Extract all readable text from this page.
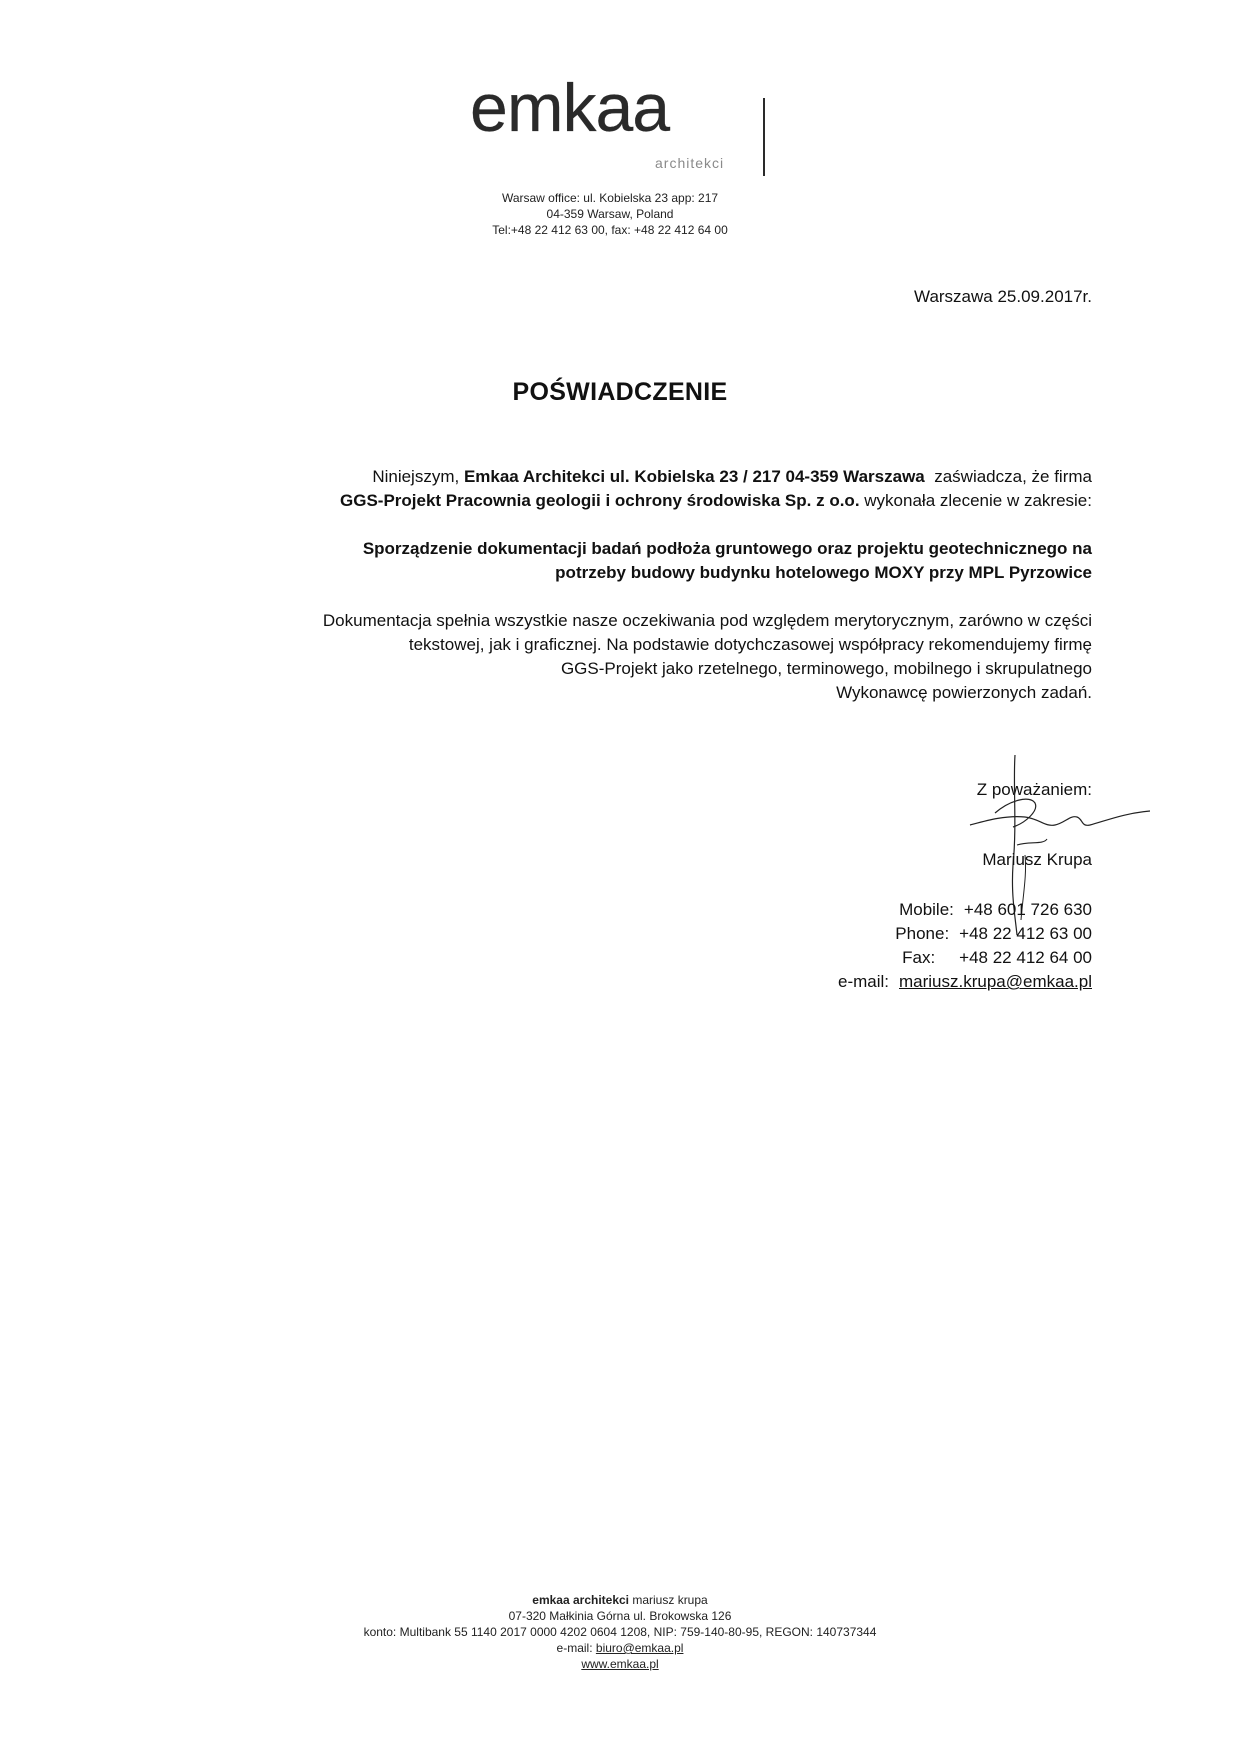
emkaa
architekci
Warsaw office: ul. Kobielska 23 app: 217
04-359 Warsaw, Poland
Tel:+48 22 412 63 00, fax: +48 22 412 64 00
Warszawa 25.09.2017r.
POŚWIADCZENIE
Niniejszym, Emkaa Architekci ul. Kobielska 23 / 217 04-359 Warszawa  zaświadcza, że firma
GGS-Projekt Pracownia geologii i ochrony środowiska Sp. z o.o. wykonała zlecenie w zakresie:
Sporządzenie dokumentacji badań podłoża gruntowego oraz projektu geotechnicznego na
potrzeby budowy budynku hotelowego MOXY przy MPL Pyrzowice
Dokumentacja spełnia wszystkie nasze oczekiwania pod względem merytorycznym, zarówno w części
tekstowej, jak i graficznej. Na podstawie dotychczasowej współpracy rekomendujemy firmę
GGS-Projekt jako rzetelnego, terminowego, mobilnego i skrupulatnego
Wykonawcę powierzonych zadań.
Z poważaniem:
Mariusz Krupa
Mobile: +48 601 726 630
Phone: +48 22 412 63 00
Fax:	+48 22 412 64 00
e-mail: mariusz.krupa@emkaa.pl
emkaa architekci mariusz krupa
07-320 Małkinia Górna ul. Brokowska 126
konto: Multibank 55 1140 2017 0000 4202 0604 1208, NIP: 759-140-80-95, REGON: 140737344
e-mail: biuro@emkaa.pl
www.emkaa.pl
